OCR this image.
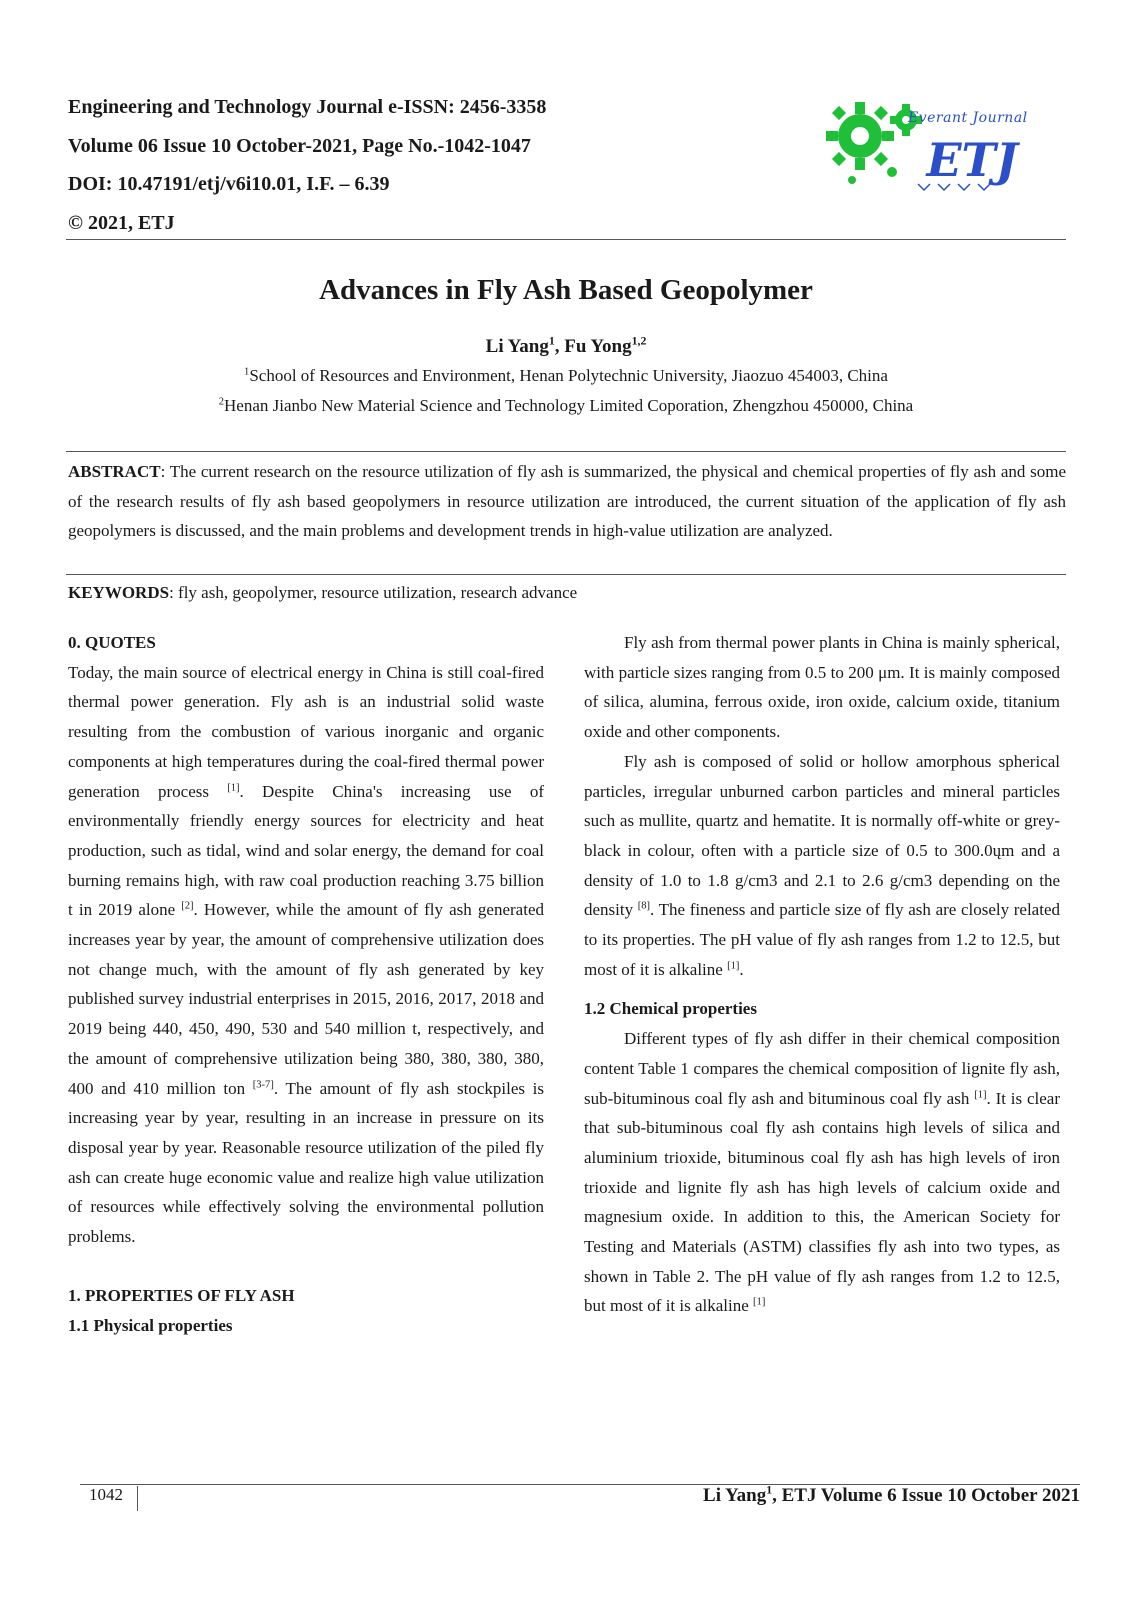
Engineering and Technology Journal e-ISSN: 2456-3358

Volume 06 Issue 10 October-2021, Page No.-1042-1047

DOI: 10.47191/etj/v6i10.01, I.F. – 6.39

© 2021, ETJ

ETJ
Everant Journal
Advances in Fly Ash Based Geopolymer

Li Yang$^1$, Fu Yong$^{1,2}$

$^1$School of Resources and Environment, Henan Polytechnic University, Jiaozuo 454003, China

$^2$Henan Jianbo New Material Science and Technology Limited Coporation, Zhengzhou 450000, China

ABSTRACT: The current research on the resource utilization of fly ash is summarized, the physical and chemical properties of fly ash and some of the research results of fly ash based geopolymers in resource utilization are introduced, the current situation of the application of fly ash geopolymers is discussed, and the main problems and development trends in high-value utilization are analyzed.

KEYWORDS: fly ash, geopolymer, resource utilization, research advance

0. QUOTES

Today, the main source of electrical energy in China is still coal-fired thermal power generation. Fly ash is an industrial solid waste resulting from the combustion of various inorganic and organic components at high temperatures during the coal-fired thermal power generation process [1]. Despite China's increasing use of environmentally friendly energy sources for electricity and heat production, such as tidal, wind and solar energy, the demand for coal burning remains high, with raw coal production reaching 3.75 billion t in 2019 alone [2]. However, while the amount of fly ash generated increases year by year, the amount of comprehensive utilization does not change much, with the amount of fly ash generated by key published survey industrial enterprises in 2015, 2016, 2017, 2018 and 2019 being 440, 450, 490, 530 and 540 million t, respectively, and the amount of comprehensive utilization being 380, 380, 380, 380, 400 and 410 million ton [3-7]. The amount of fly ash stockpiles is increasing year by year, resulting in an increase in pressure on its disposal year by year. Reasonable resource utilization of the piled fly ash can create huge economic value and realize high value utilization of resources while effectively solving the environmental pollution problems.

1. PROPERTIES OF FLY ASH
1.1 Physical properties

Fly ash from thermal power plants in China is mainly spherical, with particle sizes ranging from 0.5 to 200 μm. It is mainly composed of silica, alumina, ferrous oxide, iron oxide, calcium oxide, titanium oxide and other components.

Fly ash is composed of solid or hollow amorphous spherical particles, irregular unburned carbon particles and mineral particles such as mullite, quartz and hematite. It is normally off-white or grey-black in colour, often with a particle size of 0.5 to 300.0ųm and a density of 1.0 to 1.8 g/cm3 and 2.1 to 2.6 g/cm3 depending on the density [8]. The fineness and particle size of fly ash are closely related to its properties. The pH value of fly ash ranges from 1.2 to 12.5, but most of it is alkaline [1].

1.2 Chemical properties

Different types of fly ash differ in their chemical composition content Table 1 compares the chemical composition of lignite fly ash, sub-bituminous coal fly ash and bituminous coal fly ash [1]. It is clear that sub-bituminous coal fly ash contains high levels of silica and aluminium trioxide, bituminous coal fly ash has high levels of iron trioxide and lignite fly ash has high levels of calcium oxide and magnesium oxide. In addition to this, the American Society for Testing and Materials (ASTM) classifies fly ash into two types, as shown in Table 2. The pH value of fly ash ranges from 1.2 to 12.5, but most of it is alkaline [1]

1042	Li Yang$^1$, ETJ Volume 6 Issue 10 October 2021
